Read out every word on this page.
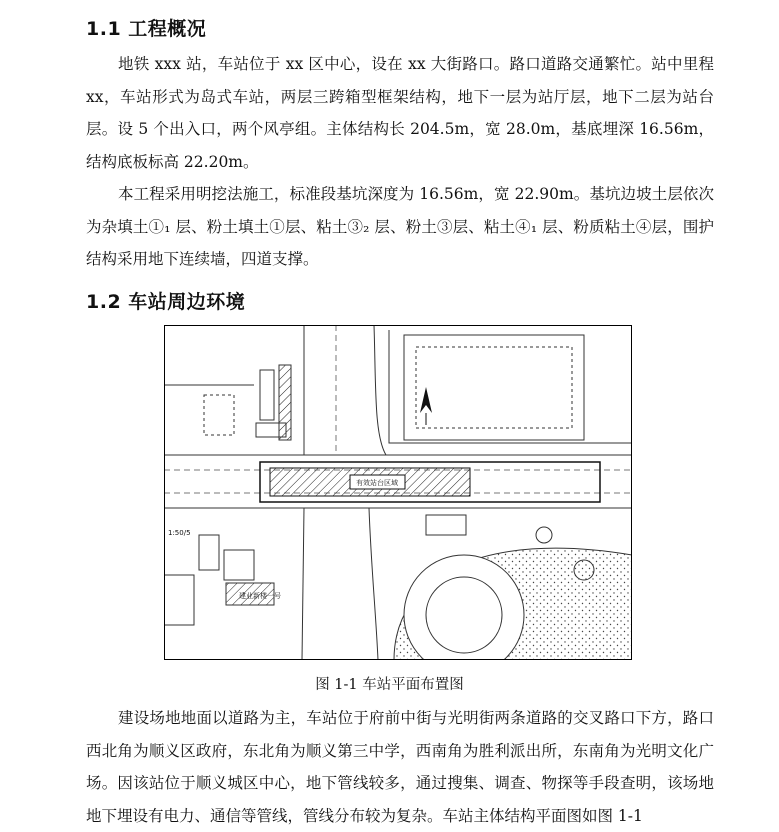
1.1 工程概况

地铁 xxx 站，车站位于 xx 区中心，设在 xx 大街路口。路口道路交通繁忙。站中里程 xx，车站形式为岛式车站，两层三跨箱型框架结构，地下一层为站厅层，地下二层为站台层。设 5 个出入口，两个风亭组。主体结构长 204.5m，宽 28.0m，基底埋深 16.56m，结构底板标高 22.20m。

本工程采用明挖法施工，标准段基坑深度为 16.56m，宽 22.90m。基坑边坡土层依次为杂填土①₁ 层、粉土填土①层、粘土③₂ 层、粉土③层、粘土④₁ 层、粉质粘土④层，围护结构采用地下连续墙，四道支撑。

1.2 车站周边环境
有效站台区域
建业新楼一号
1:50/5
图 1-1 车站平面布置图

建设场地地面以道路为主，车站位于府前中街与光明街两条道路的交叉路口下方，路口西北角为顺义区政府，东北角为顺义第三中学，西南角为胜利派出所，东南角为光明文化广场。因该站位于顺义城区中心，地下管线较多，通过搜集、调查、物探等手段查明，该场地地下埋设有电力、通信等管线，管线分布较为复杂。车站主体结构平面图如图 1-1
